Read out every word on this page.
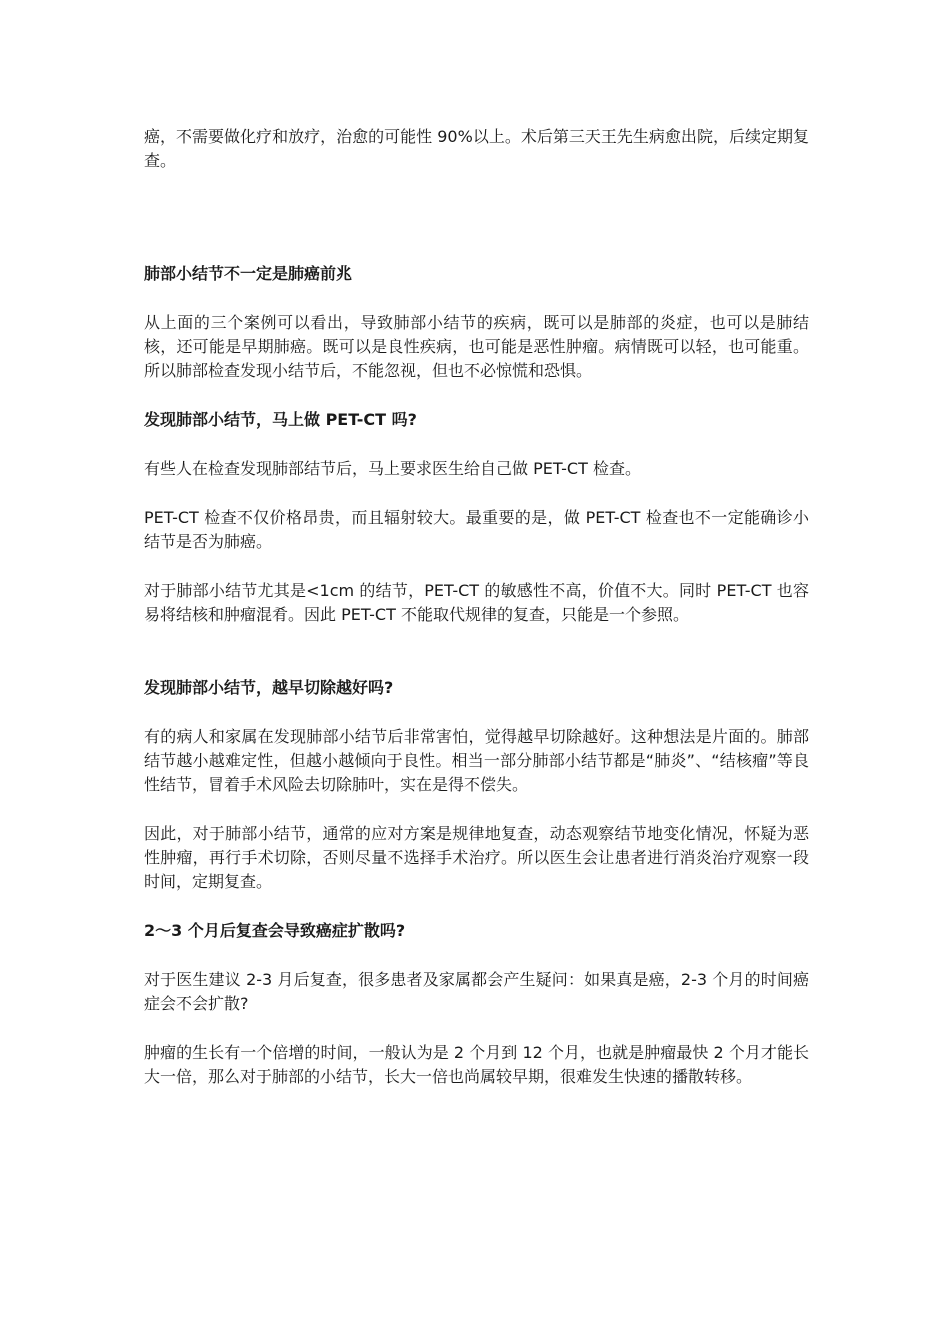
癌，不需要做化疗和放疗，治愈的可能性 90%以上。术后第三天王先生病愈出院，后续定期复查。

肺部小结节不一定是肺癌前兆

从上面的三个案例可以看出，导致肺部小结节的疾病，既可以是肺部的炎症，也可以是肺结核，还可能是早期肺癌。既可以是良性疾病，也可能是恶性肿瘤。病情既可以轻，也可能重。所以肺部检查发现小结节后，不能忽视，但也不必惊慌和恐惧。

发现肺部小结节，马上做 PET-CT 吗?

有些人在检查发现肺部结节后，马上要求医生给自己做 PET-CT 检查。

PET-CT 检查不仅价格昂贵，而且辐射较大。最重要的是，做 PET-CT 检查也不一定能确诊小结节是否为肺癌。

对于肺部小结节尤其是<1cm 的结节，PET-CT 的敏感性不高，价值不大。同时 PET-CT 也容易将结核和肿瘤混肴。因此 PET-CT 不能取代规律的复查，只能是一个参照。

发现肺部小结节，越早切除越好吗?

有的病人和家属在发现肺部小结节后非常害怕，觉得越早切除越好。这种想法是片面的。肺部结节越小越难定性，但越小越倾向于良性。相当一部分肺部小结节都是“肺炎”、“结核瘤”等良性结节，冒着手术风险去切除肺叶，实在是得不偿失。

因此，对于肺部小结节，通常的应对方案是规律地复查，动态观察结节地变化情况，怀疑为恶性肿瘤，再行手术切除，否则尽量不选择手术治疗。所以医生会让患者进行消炎治疗观察一段时间，定期复查。

2～3 个月后复查会导致癌症扩散吗?

对于医生建议 2-3 月后复查，很多患者及家属都会产生疑问：如果真是癌，2-3 个月的时间癌症会不会扩散?

肿瘤的生长有一个倍增的时间，一般认为是 2 个月到 12 个月，也就是肿瘤最快 2 个月才能长大一倍，那么对于肺部的小结节，长大一倍也尚属较早期，很难发生快速的播散转移。
